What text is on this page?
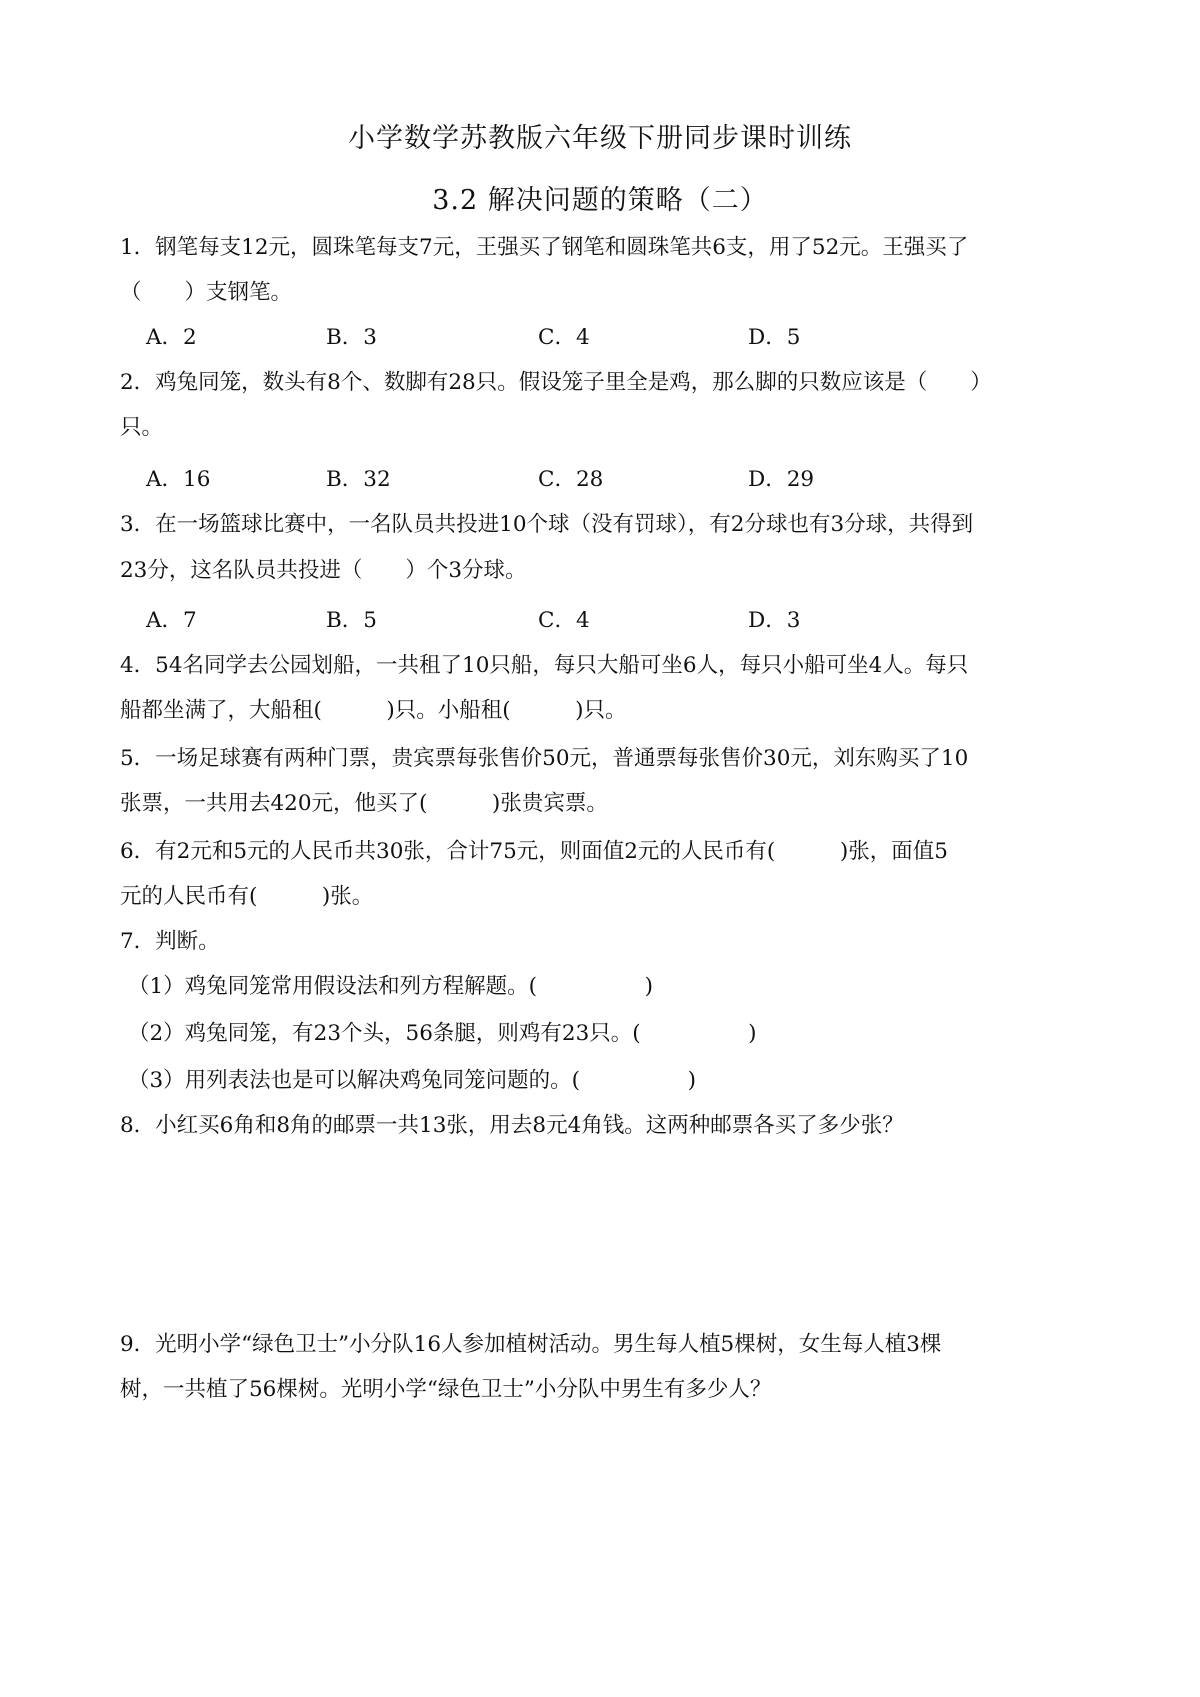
小学数学苏教版六年级下册同步课时训练
3.2 解决问题的策略（二）
1．钢笔每支12元，圆珠笔每支7元，王强买了钢笔和圆珠笔共6支，用了52元。王强买了
（　　）支钢笔。
A．2	B．3	C．4	D．5
2．鸡兔同笼，数头有8个、数脚有28只。假设笼子里全是鸡，那么脚的只数应该是（　　）
只。
A．16	B．32	C．28	D．29
3．在一场篮球比赛中，一名队员共投进10个球（没有罚球），有2分球也有3分球，共得到
23分，这名队员共投进（　　）个3分球。
A．7	B．5	C．4	D．3
4．54名同学去公园划船，一共租了10只船，每只大船可坐6人，每只小船可坐4人。每只
船都坐满了，大船租(　　　)只。小船租(　　　)只。
5．一场足球赛有两种门票，贵宾票每张售价50元，普通票每张售价30元，刘东购买了10
张票，一共用去420元，他买了(　　　)张贵宾票。
6．有2元和5元的人民币共30张，合计75元，则面值2元的人民币有(　　　)张，面值5
元的人民币有(　　　)张。
7．判断。
（1）鸡兔同笼常用假设法和列方程解题。(　　　　　)
（2）鸡兔同笼，有23个头，56条腿，则鸡有23只。(　　　　　)
（3）用列表法也是可以解决鸡兔同笼问题的。(　　　　　)
8．小红买6角和8角的邮票一共13张，用去8元4角钱。这两种邮票各买了多少张？
9．光明小学“绿色卫士”小分队16人参加植树活动。男生每人植5棵树，女生每人植3棵
树，一共植了56棵树。光明小学“绿色卫士”小分队中男生有多少人？
